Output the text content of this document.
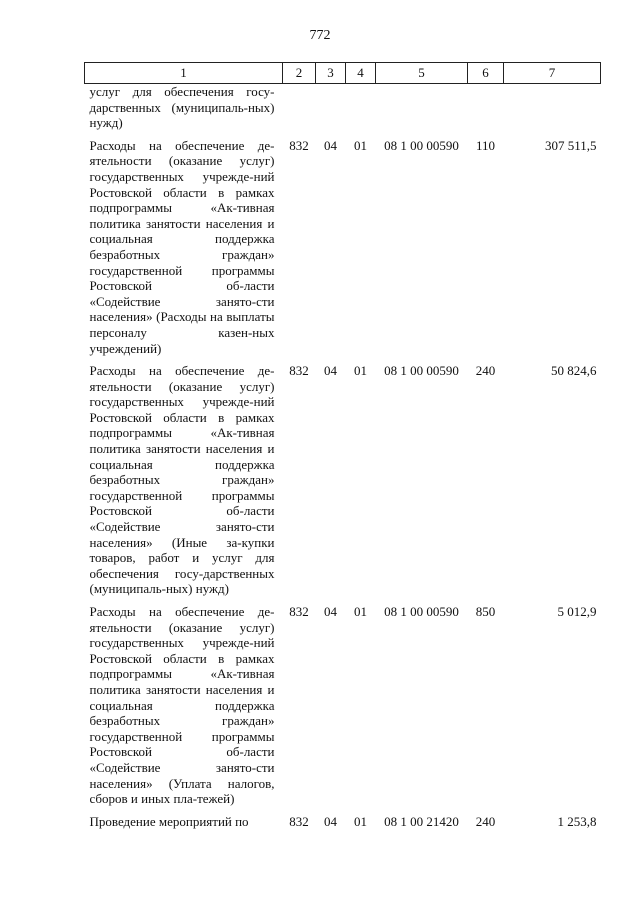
772
1	2	3	4	5	6	7
услуг для обеспечения госу-дарственных (муниципаль-ных) нужд)						
Расходы на обеспечение де-ятельности (оказание услуг) государственных учрежде-ний Ростовской области в рамках подпрограммы «Ак-тивная политика занятости населения и социальная поддержка безработных граждан» государственной программы Ростовской об-ласти «Содействие занято-сти населения» (Расходы на выплаты персоналу казен-ных учреждений)	832	04	01	08 1 00 00590	110	307 511,5
Расходы на обеспечение де-ятельности (оказание услуг) государственных учрежде-ний Ростовской области в рамках подпрограммы «Ак-тивная политика занятости населения и социальная поддержка безработных граждан» государственной программы Ростовской об-ласти «Содействие занято-сти населения» (Иные за-купки товаров, работ и услуг для обеспечения госу-дарственных (муниципаль-ных) нужд)	832	04	01	08 1 00 00590	240	50 824,6
Расходы на обеспечение де-ятельности (оказание услуг) государственных учрежде-ний Ростовской области в рамках подпрограммы «Ак-тивная политика занятости населения и социальная поддержка безработных граждан» государственной программы Ростовской об-ласти «Содействие занято-сти населения» (Уплата налогов, сборов и иных пла-тежей)	832	04	01	08 1 00 00590	850	5 012,9
Проведение мероприятий по	832	04	01	08 1 00 21420	240	1 253,8
